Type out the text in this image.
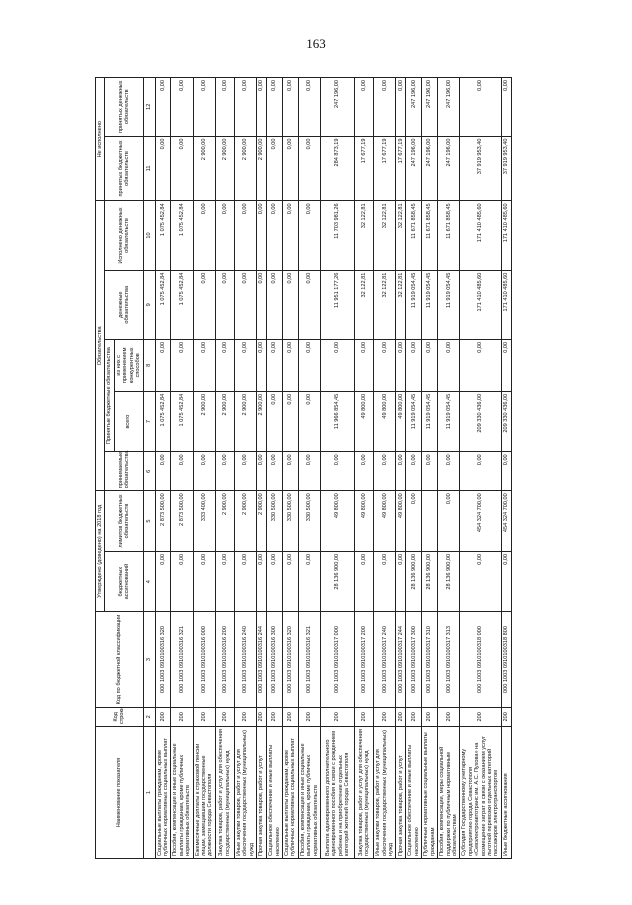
163
Наименование показателя	Код строки	Код по бюджетной классификации	Утверждено (доведено) на 2018 год		Обязательства					Не исполнено	
			бюджетных ассигнований	лимитов бюджетных обязательств	принимаемые обязательства	Принятые бюджетные обязательства		денежные обязательства	Исполнено денежных обязательств	принятых бюджетных обязательств	принятых денежных обязательств
						всего	из них с применением конкурентных способов				
1	2	3	4	5	6	7	8	9	10	11	12
Социальные выплаты гражданам, кроме публичных нормативных социальных выплат	200	000 1003 0910100316 320	0,00	2 873 500,00	0,00	1 075 452,84	0,00	1 075 452,84	1 075 452,84	0,00	0,00
Пособия, компенсации и иные социальные выплаты гражданам, кроме публичных нормативных обязательств	200	000 1003 0910100316 321	0,00	2 873 500,00	0,00	1 075 452,84	0,00	1 075 452,84	1 075 452,84	0,00	0,00
Ежемесячные доплаты к страховой пенсии лицам, замещавшим государственные должности города Севастополя	200	000 1003 0910100316 000	0,00	333 400,00	0,00	2 900,00	0,00	0,00	0,00	2 900,00	0,00
Закупка товаров, работ и услуг для обеспечения государственных (муниципальных) нужд	200	000 1003 0910100316 200	0,00	2 900,00	0,00	2 900,00	0,00	0,00	0,00	2 900,00	0,00
Иные закупки товаров, работ и услуг для обеспечения государственных (муниципальных) нужд	200	000 1003 0910100316 240	0,00	2 900,00	0,00	2 900,00	0,00	0,00	0,00	2 900,00	0,00
Прочая закупка товаров, работ и услуг	200	000 1003 0910100316 244	0,00	2 900,00	0,00	2 900,00	0,00	0,00	0,00	2 900,00	0,00
Социальное обеспечение и иные выплаты населению	200	000 1003 0910100316 300	0,00	330 500,00	0,00	0,00	0,00	0,00	0,00	0,00	0,00
Социальные выплаты гражданам, кроме публичных нормативных социальных выплат	200	000 1003 0910100316 320	0,00	330 500,00	0,00	0,00	0,00	0,00	0,00	0,00	0,00
Пособия, компенсации и иные социальные выплаты гражданам, кроме публичных нормативных обязательств	200	000 1003 0910100316 321	0,00	330 500,00	0,00	0,00	0,00	0,00	0,00	0,00	0,00
Выплата единовременного дополнительного единовременного пособия в связи с рождением ребенка и на приобретение отдельных категорий жителей города Севастополя	200	000 1003 0910100317 000	28 136 900,00	49 800,00	0,00	11 966 854,45	0,00	11 951 177,26	11 703 981,26	284 873,19	247 196,00
Закупка товаров, работ и услуг для обеспечения государственных (муниципальных) нужд	200	000 1003 0910100317 200	0,00	49 800,00	0,00	49 800,00	0,00	32 122,81	32 122,81	17 677,19	0,00
Иные закупки товаров, работ и услуг для обеспечения государственных (муниципальных) нужд	200	000 1003 0910100317 240	0,00	49 800,00	0,00	49 800,00	0,00	32 122,81	32 122,81	17 677,19	0,00
Прочая закупка товаров, работ и услуг	200	000 1003 0910100317 244	0,00	49 800,00	0,00	49 800,00	0,00	32 122,81	32 122,81	17 677,19	0,00
Социальное обеспечение и иные выплаты населению	200	000 1003 0910100317 300	28 136 900,00	0,00	0,00	11 919 054,45	0,00	11 919 054,45	11 671 858,45	247 196,00	247 196,00
Публичные нормативные социальные выплаты гражданам	200	000 1003 0910100317 310	28 136 900,00		0,00	11 919 054,45	0,00	11 919 054,45	11 671 858,45	247 196,00	247 196,00
Пособия, компенсации, меры социальной поддержки по публичным нормативным обязательствам	200	000 1003 0910100317 313	28 136 900,00	0,00	0,00	11 919 054,45	0,00	11 919 054,45	11 671 858,45	247 196,00	247 196,00
Субсидия Государственному унитарному предприятию города Севастополя «Севэлектроавтотранс им. А.С. Пухова» на возмещение затрат в связи с оказанием услуг льготной перевозки отдельных категорий пассажиров электротранспортом	200	000 1003 0910100318 000	0,00	454 324 700,00	0,00	209 330 436,00	0,00	171 410 485,60	171 410 485,60	37 919 953,40	0,00
Иные бюджетные ассигнования	200	000 1003 0910100318 800	0,00	454 324 700,00	0,00	209 330 436,00	0,00	171 410 485,60	171 410 485,60	37 919 953,40	0,00
